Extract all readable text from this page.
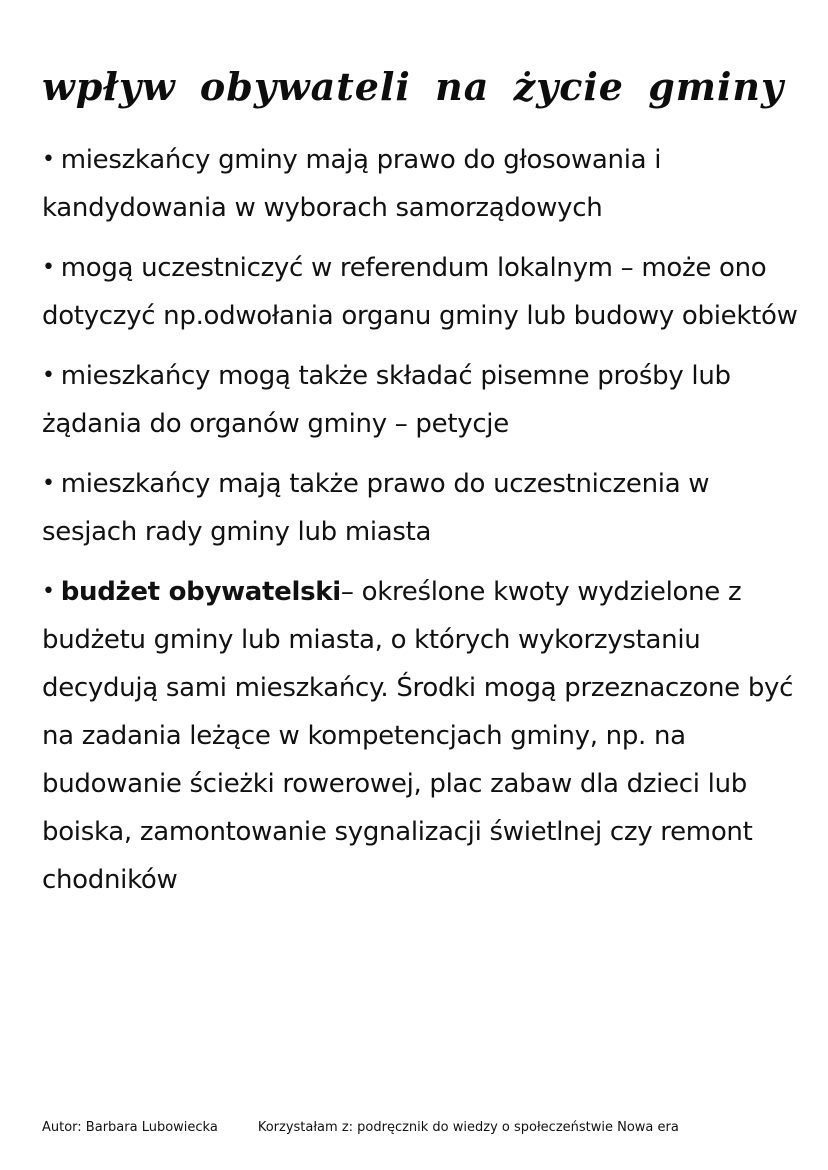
wpływ obywateli na życie gminy

• mieszkańcy gminy mają prawo do głosowania i kandydowania w wyborach samorządowych

• mogą uczestniczyć w referendum lokalnym – może ono dotyczyć np.odwołania organu gminy lub budowy obiektów

• mieszkańcy mogą także składać pisemne prośby lub żądania do organów gminy – petycje

• mieszkańcy mają także prawo do uczestniczenia w sesjach rady gminy lub miasta

• budżet obywatelski– określone kwoty wydzielone z budżetu gminy lub miasta, o których wykorzystaniu decydują sami mieszkańcy. Środki mogą przeznaczone być na zadania leżące w kompetencjach gminy, np. na budowanie ścieżki rowerowej, plac zabaw dla dzieci lub boiska, zamontowanie sygnalizacji świetlnej czy remont chodników

Autor: Barbara Lubowiecka	Korzystałam z: podręcznik do wiedzy o społeczeństwie Nowa era
